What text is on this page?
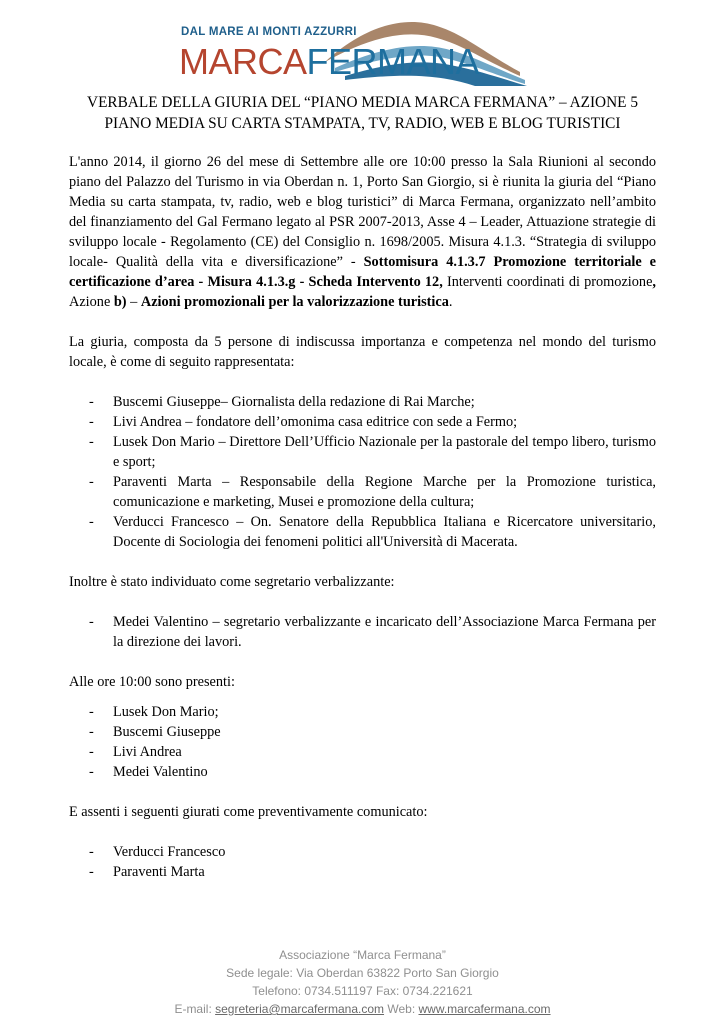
DAL MARE AI MONTI AZZURRI
MARCAFERMANA
VERBALE DELLA GIURIA DEL “PIANO MEDIA MARCA FERMANA” – AZIONE 5
PIANO MEDIA SU CARTA STAMPATA, TV, RADIO, WEB E BLOG TURISTICI

L'anno 2014, il giorno 26 del mese di Settembre alle ore 10:00 presso la Sala Riunioni al secondo piano del Palazzo del Turismo in via Oberdan n. 1, Porto San Giorgio, si è riunita la giuria del “Piano Media su carta stampata, tv, radio, web e blog turistici” di Marca Fermana, organizzato nell’ambito del finanziamento del Gal Fermano legato al PSR 2007-2013, Asse 4 – Leader, Attuazione strategie di sviluppo locale - Regolamento (CE) del Consiglio n. 1698/2005. Misura 4.1.3. “Strategia di sviluppo locale- Qualità della vita e diversificazione” - Sottomisura 4.1.3.7 Promozione territoriale e certificazione d’area - Misura 4.1.3.g - Scheda Intervento 12, Interventi coordinati di promozione, Azione b) – Azioni promozionali per la valorizzazione turistica.

La giuria, composta da 5 persone di indiscussa importanza e competenza nel mondo del turismo locale, è come di seguito rappresentata:

- Buscemi Giuseppe– Giornalista della redazione di Rai Marche;
- Livi Andrea – fondatore dell’omonima casa editrice con sede a Fermo;
- Lusek Don Mario – Direttore Dell’Ufficio Nazionale per la pastorale del tempo libero, turismo e sport;
- Paraventi Marta – Responsabile della Regione Marche per la Promozione turistica, comunicazione e marketing, Musei e promozione della cultura;
- Verducci Francesco – On. Senatore della Repubblica Italiana e Ricercatore universitario, Docente di Sociologia dei fenomeni politici all'Università di Macerata.

Inoltre è stato individuato come segretario verbalizzante:

- Medei Valentino – segretario verbalizzante e incaricato dell’Associazione Marca Fermana per la direzione dei lavori.

Alle ore 10:00 sono presenti:

- Lusek Don Mario;
- Buscemi Giuseppe
- Livi Andrea
- Medei Valentino

E assenti i seguenti giurati come preventivamente comunicato:

- Verducci Francesco
- Paraventi Marta
Associazione “Marca Fermana”
Sede legale: Via Oberdan 63822 Porto San Giorgio
Telefono: 0734.511197 Fax: 0734.221621
E-mail: segreteria@marcafermana.com Web: www.marcafermana.com
